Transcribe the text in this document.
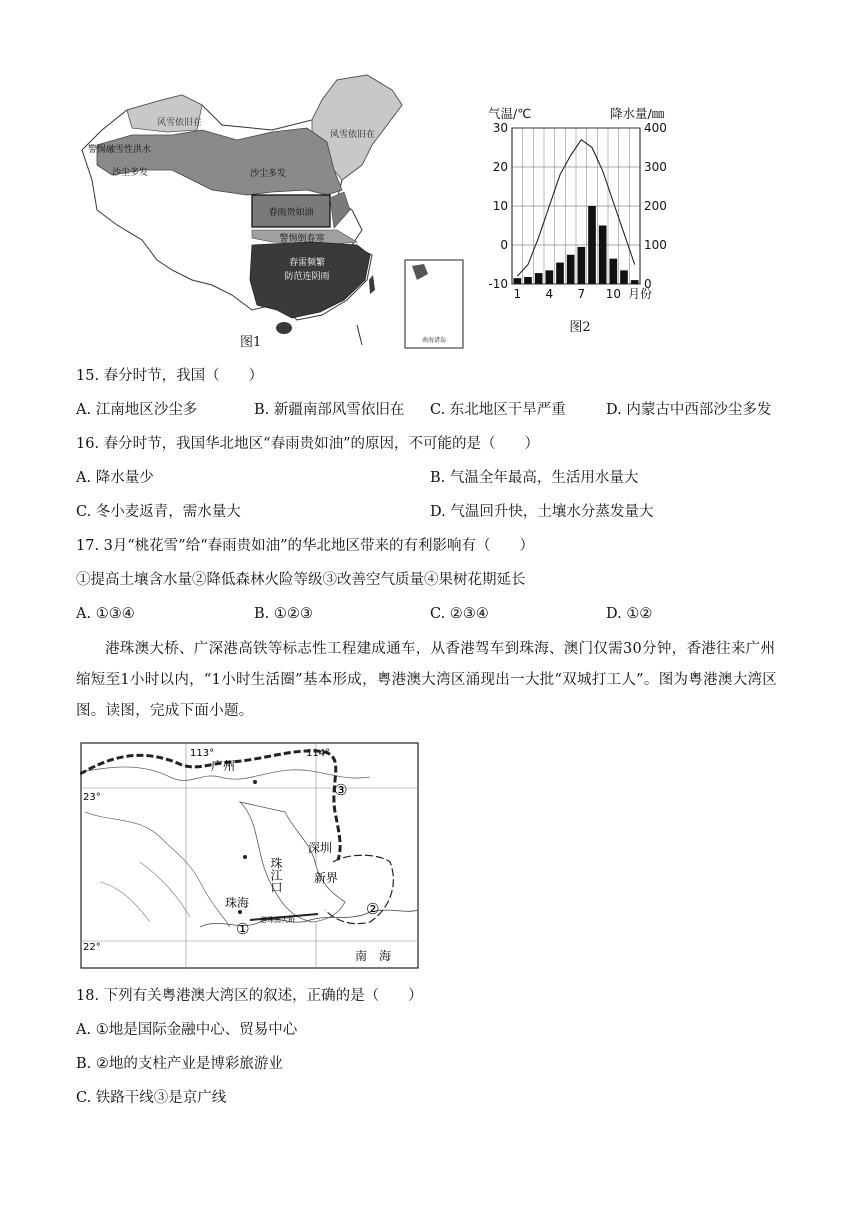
南海诸岛
风雪依旧在
警惕融雪性洪水
沙尘多发	沙尘多发
风雪依旧在
春雨贵如油
警惕倒春寒
春雷频繁
防范连阴雨
图1
气温/℃	降水量/㎜
30	400
20	300
10	200
0	100
-10	0
1 4 7 10 月份
图2
15. 春分时节，我国（　　）
A. 江南地区沙尘多	B. 新疆南部风雪依旧在 C. 东北地区干旱严重	D. 内蒙古中西部沙尘多发
16. 春分时节，我国华北地区“春雨贵如油”的原因，不可能的是（　　）
A. 降水量少	B. 气温全年最高，生活用水量大
C. 冬小麦返青，需水量大	D. 气温回升快，土壤水分蒸发量大
17. 3月“桃花雪”给“春雨贵如油”的华北地区带来的有利影响有（　　）
①提高土壤含水量②降低森林火险等级③改善空气质量④果树花期延长
A. ①③④	B. ①②③	C. ②③④	D. ①②
港珠澳大桥、广深港高铁等标志性工程建成通车，从香港驾车到珠海、澳门仅需30分钟，香港往来广州缩短至1小时以内，“1小时生活圈”基本形成，粤港澳大湾区涌现出一大批“双城打工人”。图为粤港澳大湾区图。读图，完成下面小题。
113°	114°
23°
22°
广州
深圳
珠江口	新界
珠海
港珠澳大桥
南　海
①
②
③
18. 下列有关粤港澳大湾区的叙述，正确的是（　　）
A. ①地是国际金融中心、贸易中心
B. ②地的支柱产业是博彩旅游业
C. 铁路干线③是京广线
